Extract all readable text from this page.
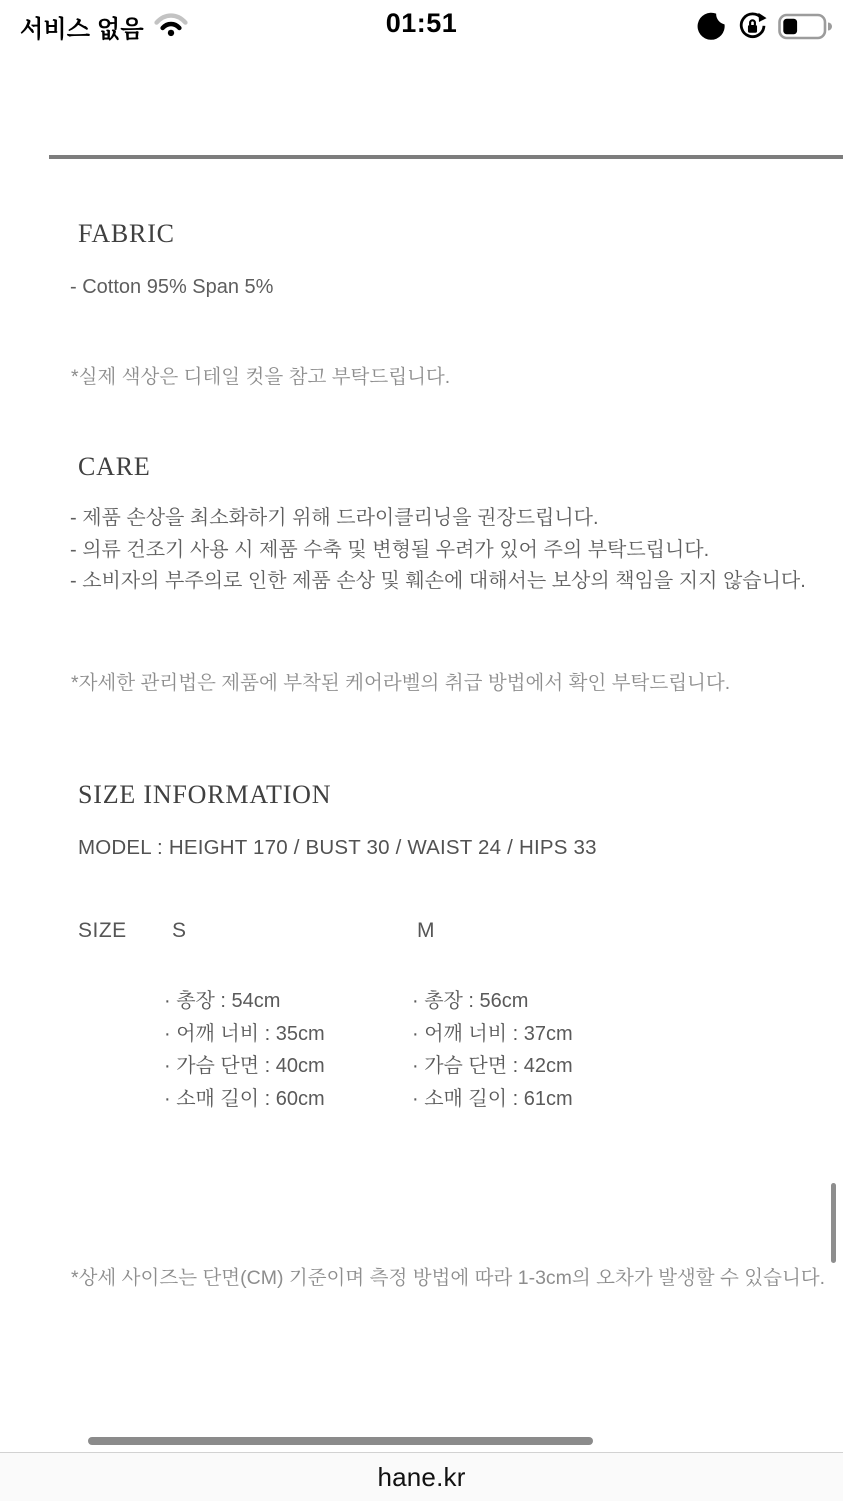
서비스 없음	01:51
FABRIC
- Cotton 95% Span 5%
*실제 색상은 디테일 컷을 참고 부탁드립니다.
CARE
- 제품 손상을 최소화하기 위해 드라이클리닝을 권장드립니다.
- 의류 건조기 사용 시 제품 수축 및 변형될 우려가 있어 주의 부탁드립니다.
- 소비자의 부주의로 인한 제품 손상 및 훼손에 대해서는 보상의 책임을 지지 않습니다.
*자세한 관리법은 제품에 부착된 케어라벨의 취급 방법에서 확인 부탁드립니다.
SIZE INFORMATION
MODEL : HEIGHT 170 / BUST 30 / WAIST 24 / HIPS 33
SIZE S	M
· 총장 : 54cm
· 어깨 너비 : 35cm
· 가슴 단면 : 40cm
· 소매 길이 : 60cm
· 총장 : 56cm
· 어깨 너비 : 37cm
· 가슴 단면 : 42cm
· 소매 길이 : 61cm
*상세 사이즈는 단면(CM) 기준이며 측정 방법에 따라 1-3cm의 오차가 발생할 수 있습니다.
hane.kr
